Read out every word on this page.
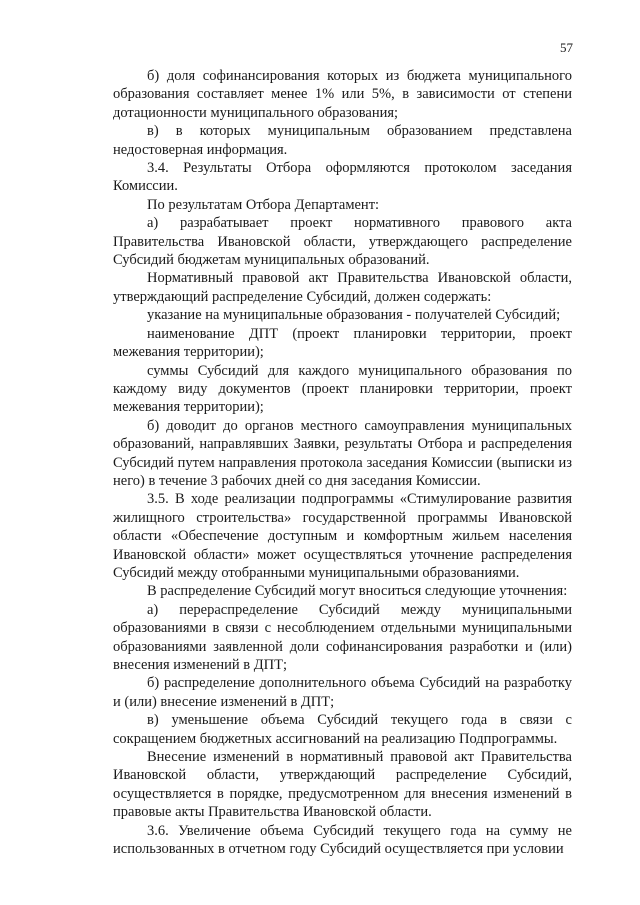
57

б) доля софинансирования которых из бюджета муниципального образования составляет менее 1% или 5%, в зависимости от степени дотационности муниципального образования;

в) в которых муниципальным образованием представлена недостоверная информация.

3.4. Результаты Отбора оформляются протоколом заседания Комиссии.

По результатам Отбора Департамент:

а) разрабатывает проект нормативного правового акта Правительства Ивановской области, утверждающего распределение Субсидий бюджетам муниципальных образований.

Нормативный правовой акт Правительства Ивановской области, утверждающий распределение Субсидий, должен содержать:

указание на муниципальные образования - получателей Субсидий;

наименование ДПТ (проект планировки территории, проект межевания территории);

суммы Субсидий для каждого муниципального образования по каждому виду документов (проект планировки территории, проект межевания территории);

б) доводит до органов местного самоуправления муниципальных образований, направлявших Заявки, результаты Отбора и распределения Субсидий путем направления протокола заседания Комиссии (выписки из него) в течение 3 рабочих дней со дня заседания Комиссии.

3.5. В ходе реализации подпрограммы «Стимулирование развития жилищного строительства» государственной программы Ивановской области «Обеспечение доступным и комфортным жильем населения Ивановской области» может осуществляться уточнение распределения Субсидий между отобранными муниципальными образованиями.

В распределение Субсидий могут вноситься следующие уточнения:

а) перераспределение Субсидий между муниципальными образованиями в связи с несоблюдением отдельными муниципальными образованиями заявленной доли софинансирования разработки и (или) внесения изменений в ДПТ;

б) распределение дополнительного объема Субсидий на разработку и (или) внесение изменений в ДПТ;

в) уменьшение объема Субсидий текущего года в связи с сокращением бюджетных ассигнований на реализацию Подпрограммы.

Внесение изменений в нормативный правовой акт Правительства Ивановской области, утверждающий распределение Субсидий, осуществляется в порядке, предусмотренном для внесения изменений в правовые акты Правительства Ивановской области.

3.6. Увеличение объема Субсидий текущего года на сумму не использованных в отчетном году Субсидий осуществляется при условии
